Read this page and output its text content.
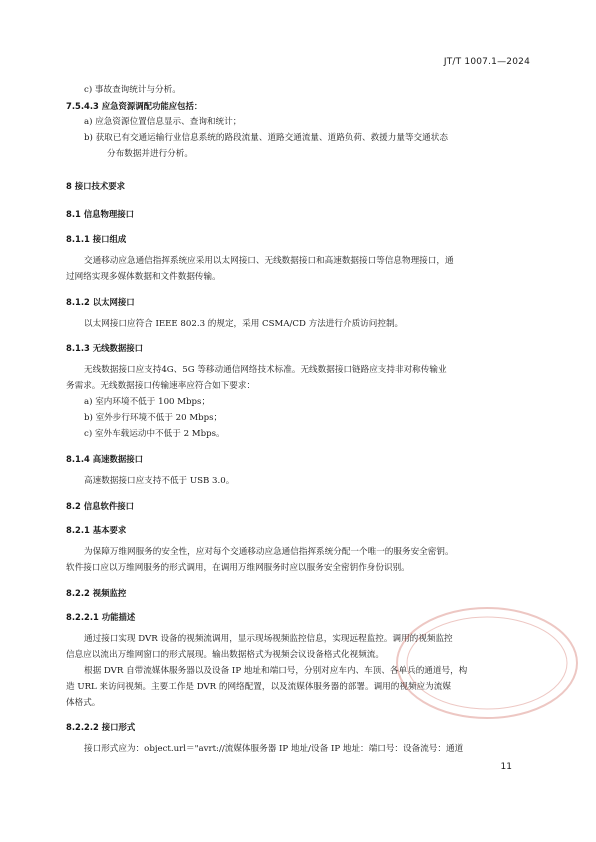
JT/T 1007.1—2024
c) 事故查询统计与分析。
7.5.4.3 应急资源调配功能应包括：
a) 应急资源位置信息显示、查询和统计；
b) 获取已有交通运输行业信息系统的路段流量、道路交通流量、道路负荷、救援力量等交通状态
分布数据并进行分析。
8 接口技术要求
8.1 信息物理接口
8.1.1 接口组成
交通移动应急通信指挥系统应采用以太网接口、无线数据接口和高速数据接口等信息物理接口，通
过网络实现多媒体数据和文件数据传输。
8.1.2 以太网接口
以太网接口应符合 IEEE 802.3 的规定，采用 CSMA/CD 方法进行介质访问控制。
8.1.3 无线数据接口
无线数据接口应支持4G、5G 等移动通信网络技术标准。无线数据接口链路应支持非对称传输业
务需求。无线数据接口传输速率应符合如下要求：
a) 室内环境不低于 100 Mbps；
b) 室外步行环境不低于 20 Mbps；
c) 室外车载运动中不低于 2 Mbps。
8.1.4 高速数据接口
高速数据接口应支持不低于 USB 3.0。
8.2 信息软件接口
8.2.1 基本要求
为保障万维网服务的安全性，应对每个交通移动应急通信指挥系统分配一个唯一的服务安全密钥。
软件接口应以万维网服务的形式调用，在调用万维网服务时应以服务安全密钥作身份识别。
8.2.2 视频监控
8.2.2.1 功能描述
通过接口实现 DVR 设备的视频流调用，显示现场视频监控信息，实现远程监控。调用的视频监控
信息应以流出万维网窗口的形式展现。输出数据格式为视频会议设备格式化视频流。
根据 DVR 自带流媒体服务器以及设备 IP 地址和端口号，分别对应车内、车顶、各单兵的通道号，构
造 URL 来访问视频。主要工作是 DVR 的网络配置，以及流媒体服务器的部署。调用的视频应为流媒
体格式。
8.2.2.2 接口形式
接口形式应为：object.url＝"avrt://流媒体服务器 IP 地址/设备 IP 地址：端口号：设备流号：通道
11
